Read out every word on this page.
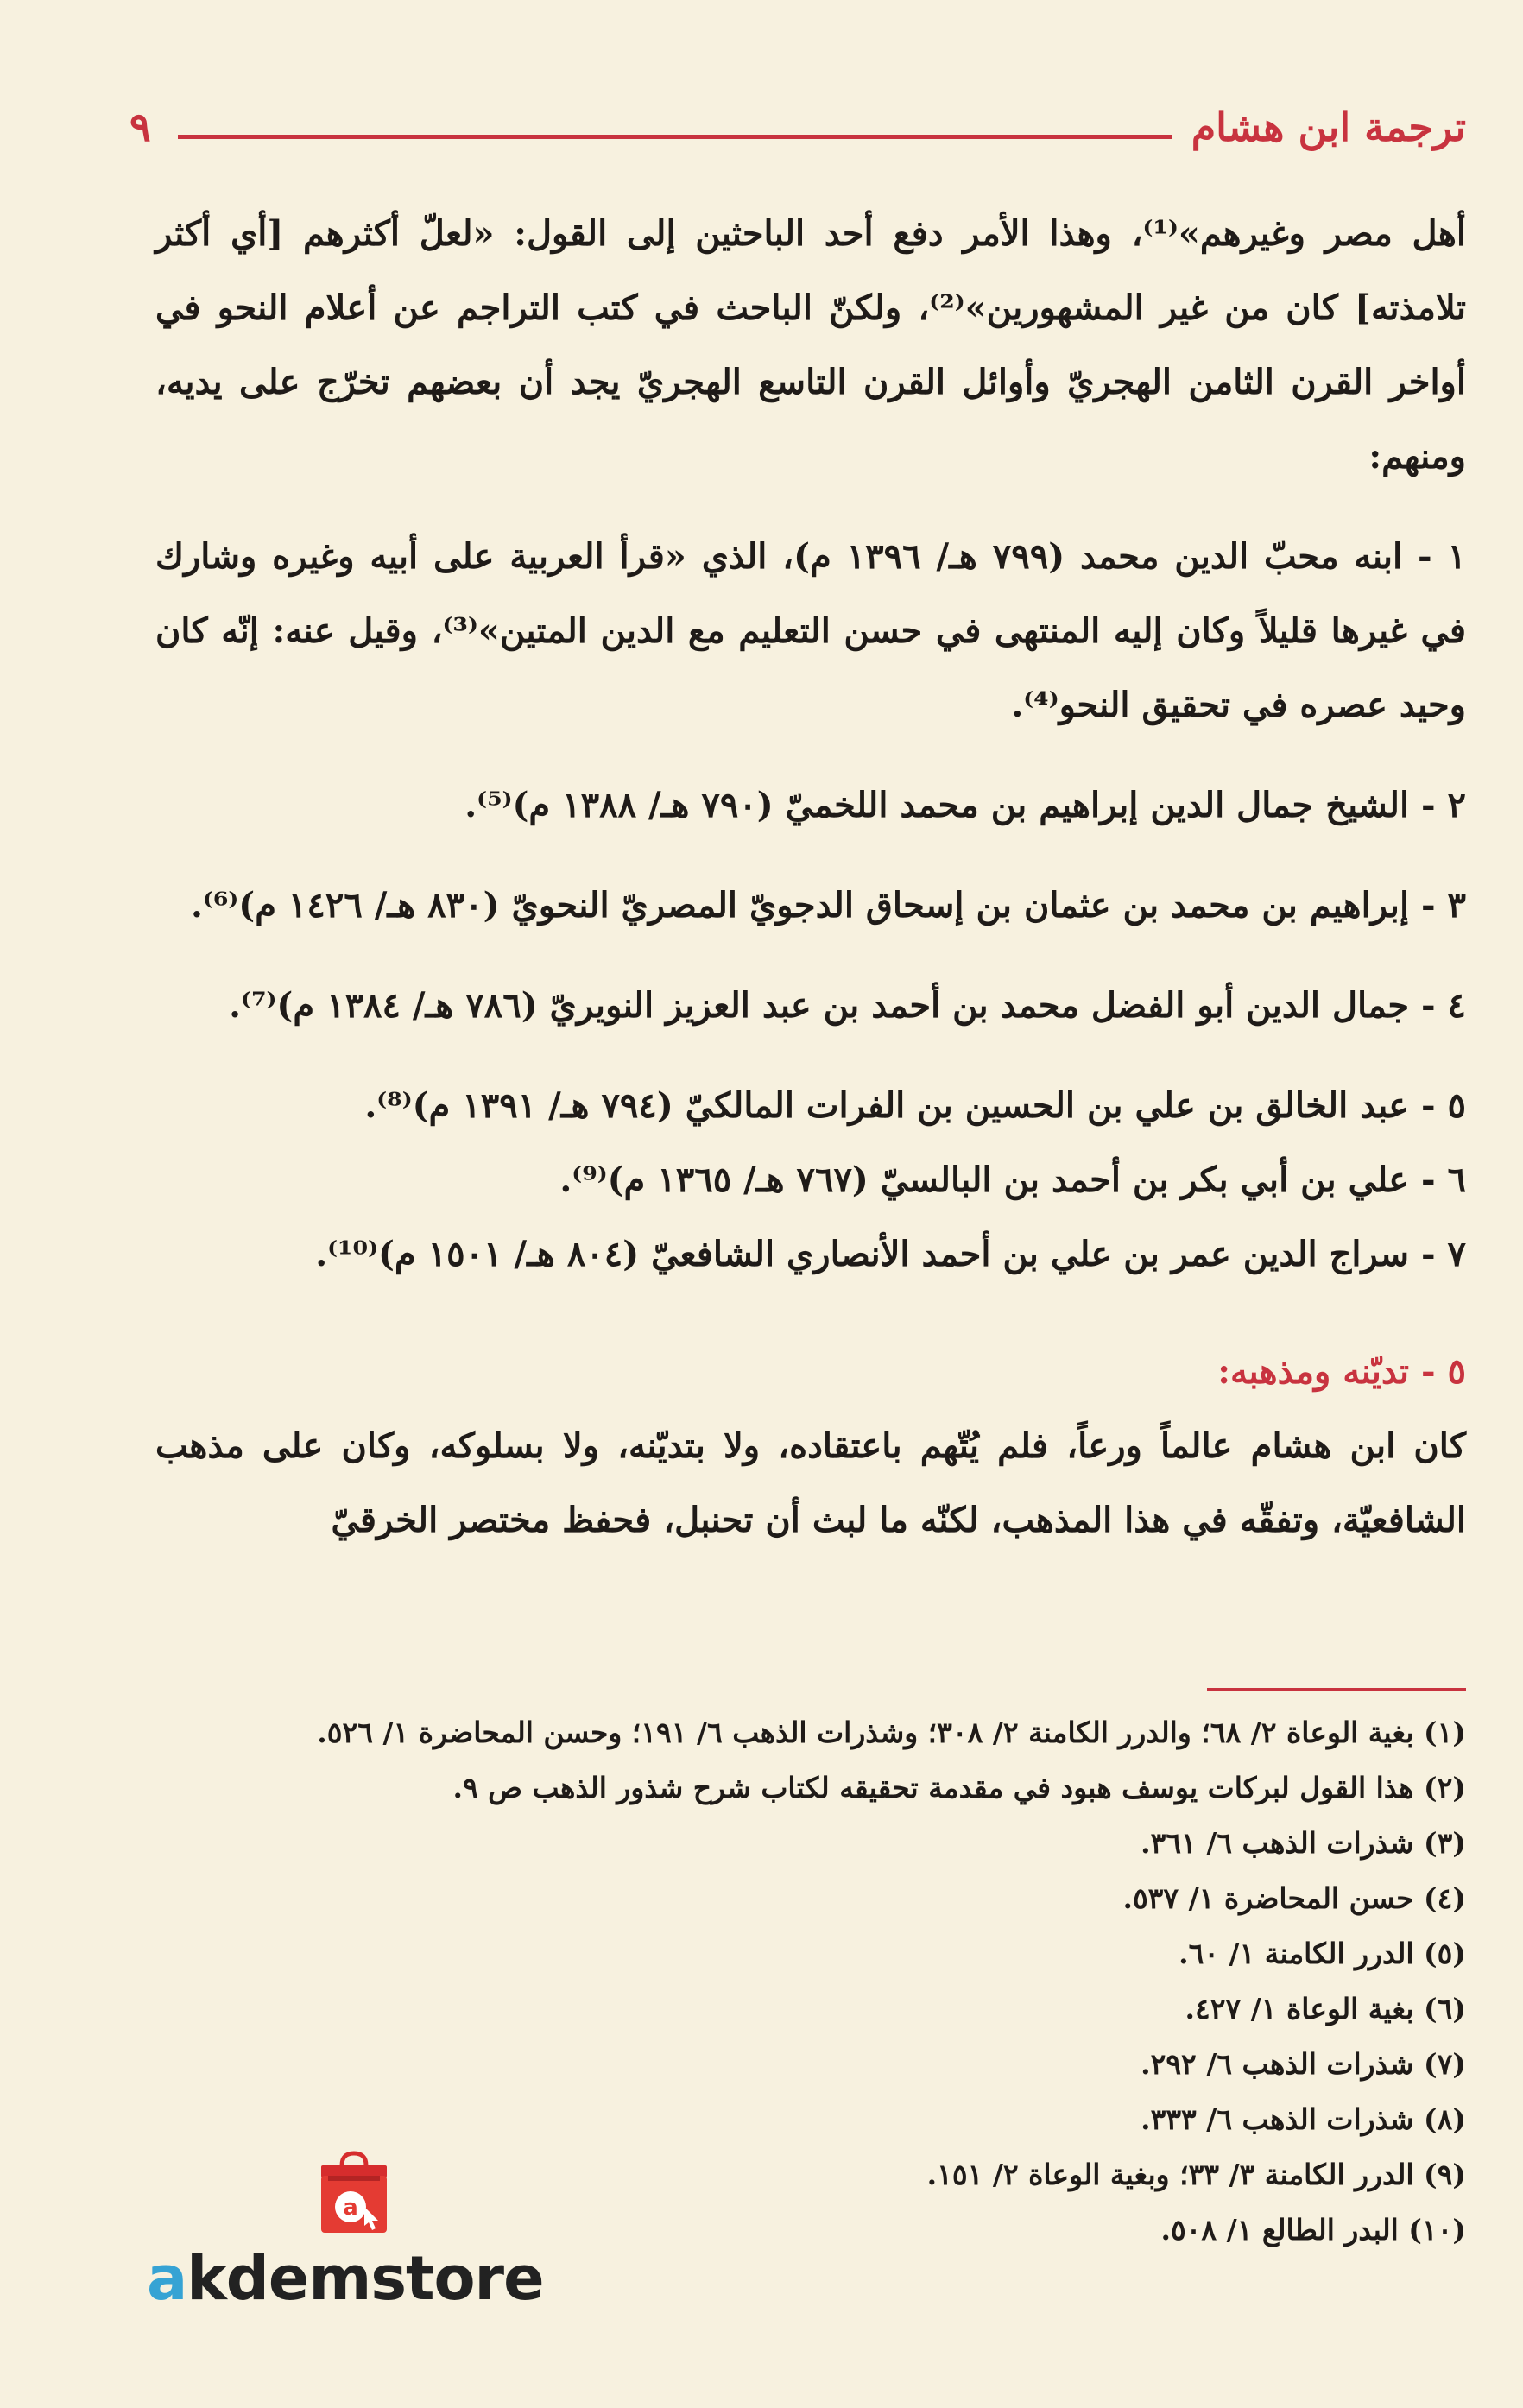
٩	ترجمة ابن هشام

أهل مصر وغيرهم»⁽¹⁾، وهذا الأمر دفع أحد الباحثين إلى القول: «لعلّ أكثرهم [أي أكثر تلامذته] كان من غير المشهورين»⁽²⁾، ولكنّ الباحث في كتب التراجم عن أعلام النحو في أواخر القرن الثامن الهجريّ وأوائل القرن التاسع الهجريّ يجد أن بعضهم تخرّج على يديه، ومنهم:

١ - ابنه محبّ الدين محمد (٧٩٩ هـ/ ١٣٩٦ م)، الذي «قرأ العربية على أبيه وغيره وشارك في غيرها قليلاً وكان إليه المنتهى في حسن التعليم مع الدين المتين»⁽³⁾، وقيل عنه: إنّه كان وحيد عصره في تحقيق النحو⁽⁴⁾.

٢ - الشيخ جمال الدين إبراهيم بن محمد اللخميّ (٧٩٠ هـ/ ١٣٨٨ م)⁽⁵⁾.

٣ - إبراهيم بن محمد بن عثمان بن إسحاق الدجويّ المصريّ النحويّ (٨٣٠ هـ/ ١٤٢٦ م)⁽⁶⁾.

٤ - جمال الدين أبو الفضل محمد بن أحمد بن عبد العزيز النويريّ (٧٨٦ هـ/ ١٣٨٤ م)⁽⁷⁾.

٥ - عبد الخالق بن علي بن الحسين بن الفرات المالكيّ (٧٩٤ هـ/ ١٣٩١ م)⁽⁸⁾.

٦ - علي بن أبي بكر بن أحمد بن البالسيّ (٧٦٧ هـ/ ١٣٦٥ م)⁽⁹⁾.

٧ - سراج الدين عمر بن علي بن أحمد الأنصاري الشافعيّ (٨٠٤ هـ/ ١٥٠١ م)⁽¹⁰⁾.

٥ - تديّنه ومذهبه:

كان ابن هشام عالماً ورعاً، فلم يُتّهم باعتقاده، ولا بتديّنه، ولا بسلوكه، وكان على مذهب الشافعيّة، وتفقّه في هذا المذهب، لكنّه ما لبث أن تحنبل، فحفظ مختصر الخرقيّ

(١) بغية الوعاة ٢/ ٦٨؛ والدرر الكامنة ٢/ ٣٠٨؛ وشذرات الذهب ٦/ ١٩١؛ وحسن المحاضرة ١/ ٥٢٦.

(٢) هذا القول لبركات يوسف هبود في مقدمة تحقيقه لكتاب شرح شذور الذهب ص ٩.

(٣) شذرات الذهب ٦/ ٣٦١.

(٤) حسن المحاضرة ١/ ٥٣٧.

(٥) الدرر الكامنة ١/ ٦٠.

(٦) بغية الوعاة ١/ ٤٢٧.

(٧) شذرات الذهب ٦/ ٢٩٢.

(٨) شذرات الذهب ٦/ ٣٣٣.

(٩) الدرر الكامنة ٣/ ٣٣؛ وبغية الوعاة ٢/ ١٥١.

(١٠) البدر الطالع ١/ ٥٠٨.

a
akdemstore
